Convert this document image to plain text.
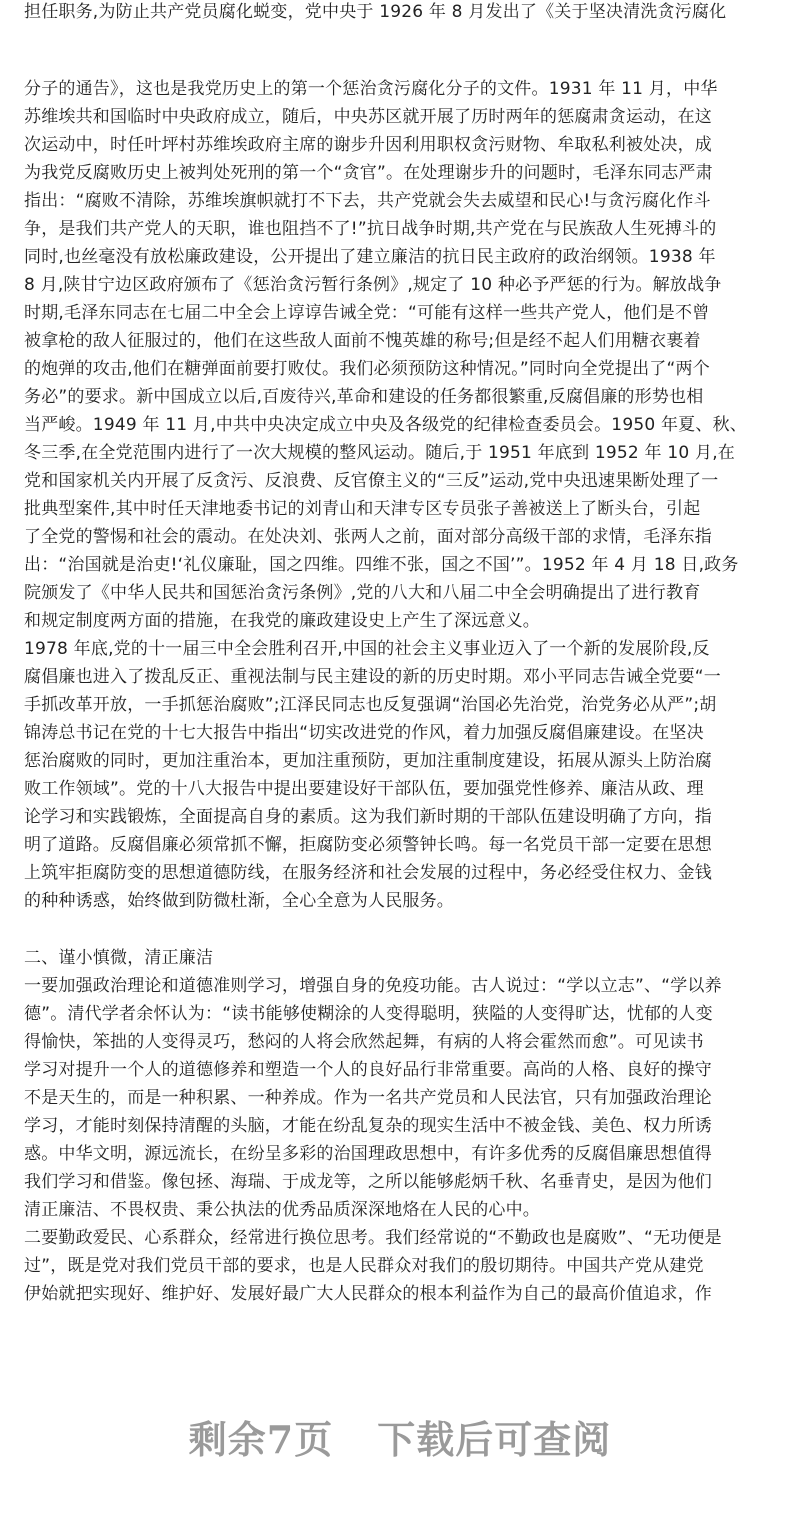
担任职务,为防止共产党员腐化蜕变，党中央于 1926 年 8 月发出了《关于坚决清洗贪污腐化
分子的通告》，这也是我党历史上的第一个惩治贪污腐化分子的文件。1931 年 11 月，中华
苏维埃共和国临时中央政府成立，随后，中央苏区就开展了历时两年的惩腐肃贪运动，在这
次运动中，时任叶坪村苏维埃政府主席的谢步升因利用职权贪污财物、牟取私利被处决，成
为我党反腐败历史上被判处死刑的第一个“贪官”。在处理谢步升的问题时，毛泽东同志严肃
指出：“腐败不清除，苏维埃旗帜就打不下去，共产党就会失去威望和民心!与贪污腐化作斗
争，是我们共产党人的天职，谁也阻挡不了!”抗日战争时期,共产党在与民族敌人生死搏斗的
同时,也丝毫没有放松廉政建设，公开提出了建立廉洁的抗日民主政府的政治纲领。1938 年
8 月,陕甘宁边区政府颁布了《惩治贪污暂行条例》,规定了 10 种必予严惩的行为。解放战争
时期,毛泽东同志在七届二中全会上谆谆告诫全党：“可能有这样一些共产党人，他们是不曾
被拿枪的敌人征服过的，他们在这些敌人面前不愧英雄的称号;但是经不起人们用糖衣裹着
的炮弹的攻击,他们在糖弹面前要打败仗。我们必须预防这种情况。”同时向全党提出了“两个
务必”的要求。新中国成立以后,百废待兴,革命和建设的任务都很繁重,反腐倡廉的形势也相
当严峻。1949 年 11 月,中共中央决定成立中央及各级党的纪律检查委员会。1950 年夏、秋、
冬三季,在全党范围内进行了一次大规模的整风运动。随后,于 1951 年底到 1952 年 10 月,在
党和国家机关内开展了反贪污、反浪费、反官僚主义的“三反”运动,党中央迅速果断处理了一
批典型案件,其中时任天津地委书记的刘青山和天津专区专员张子善被送上了断头台，引起
了全党的警惕和社会的震动。在处决刘、张两人之前，面对部分高级干部的求情，毛泽东指
出：“治国就是治吏!‘礼仪廉耻，国之四维。四维不张，国之不国’”。1952 年 4 月 18 日,政务
院颁发了《中华人民共和国惩治贪污条例》,党的八大和八届二中全会明确提出了进行教育
和规定制度两方面的措施，在我党的廉政建设史上产生了深远意义。
1978 年底,党的十一届三中全会胜利召开,中国的社会主义事业迈入了一个新的发展阶段,反
腐倡廉也进入了拨乱反正、重视法制与民主建设的新的历史时期。邓小平同志告诫全党要“一
手抓改革开放，一手抓惩治腐败”;江泽民同志也反复强调“治国必先治党，治党务必从严”;胡
锦涛总书记在党的十七大报告中指出“切实改进党的作风，着力加强反腐倡廉建设。在坚决
惩治腐败的同时，更加注重治本，更加注重预防，更加注重制度建设，拓展从源头上防治腐
败工作领域”。党的十八大报告中提出要建设好干部队伍，要加强党性修养、廉洁从政、理
论学习和实践锻炼，全面提高自身的素质。这为我们新时期的干部队伍建设明确了方向，指
明了道路。反腐倡廉必须常抓不懈，拒腐防变必须警钟长鸣。每一名党员干部一定要在思想
上筑牢拒腐防变的思想道德防线，在服务经济和社会发展的过程中，务必经受住权力、金钱
的种种诱惑，始终做到防微杜渐，全心全意为人民服务。
二、谨小慎微，清正廉洁
一要加强政治理论和道德准则学习，增强自身的免疫功能。古人说过：“学以立志”、“学以养
德”。清代学者余怀认为：“读书能够使糊涂的人变得聪明，狭隘的人变得旷达，忧郁的人变
得愉快，笨拙的人变得灵巧，愁闷的人将会欣然起舞，有病的人将会霍然而愈”。可见读书
学习对提升一个人的道德修养和塑造一个人的良好品行非常重要。高尚的人格、良好的操守
不是天生的，而是一种积累、一种养成。作为一名共产党员和人民法官，只有加强政治理论
学习，才能时刻保持清醒的头脑，才能在纷乱复杂的现实生活中不被金钱、美色、权力所诱
惑。中华文明，源远流长，在纷呈多彩的治国理政思想中，有许多优秀的反腐倡廉思想值得
我们学习和借鉴。像包拯、海瑞、于成龙等，之所以能够彪炳千秋、名垂青史，是因为他们
清正廉洁、不畏权贵、秉公执法的优秀品质深深地烙在人民的心中。
二要勤政爱民、心系群众，经常进行换位思考。我们经常说的“不勤政也是腐败”、“无功便是
过”，既是党对我们党员干部的要求，也是人民群众对我们的殷切期待。中国共产党从建党
伊始就把实现好、维护好、发展好最广大人民群众的根本利益作为自己的最高价值追求，作
剩余7页 下载后可查阅
